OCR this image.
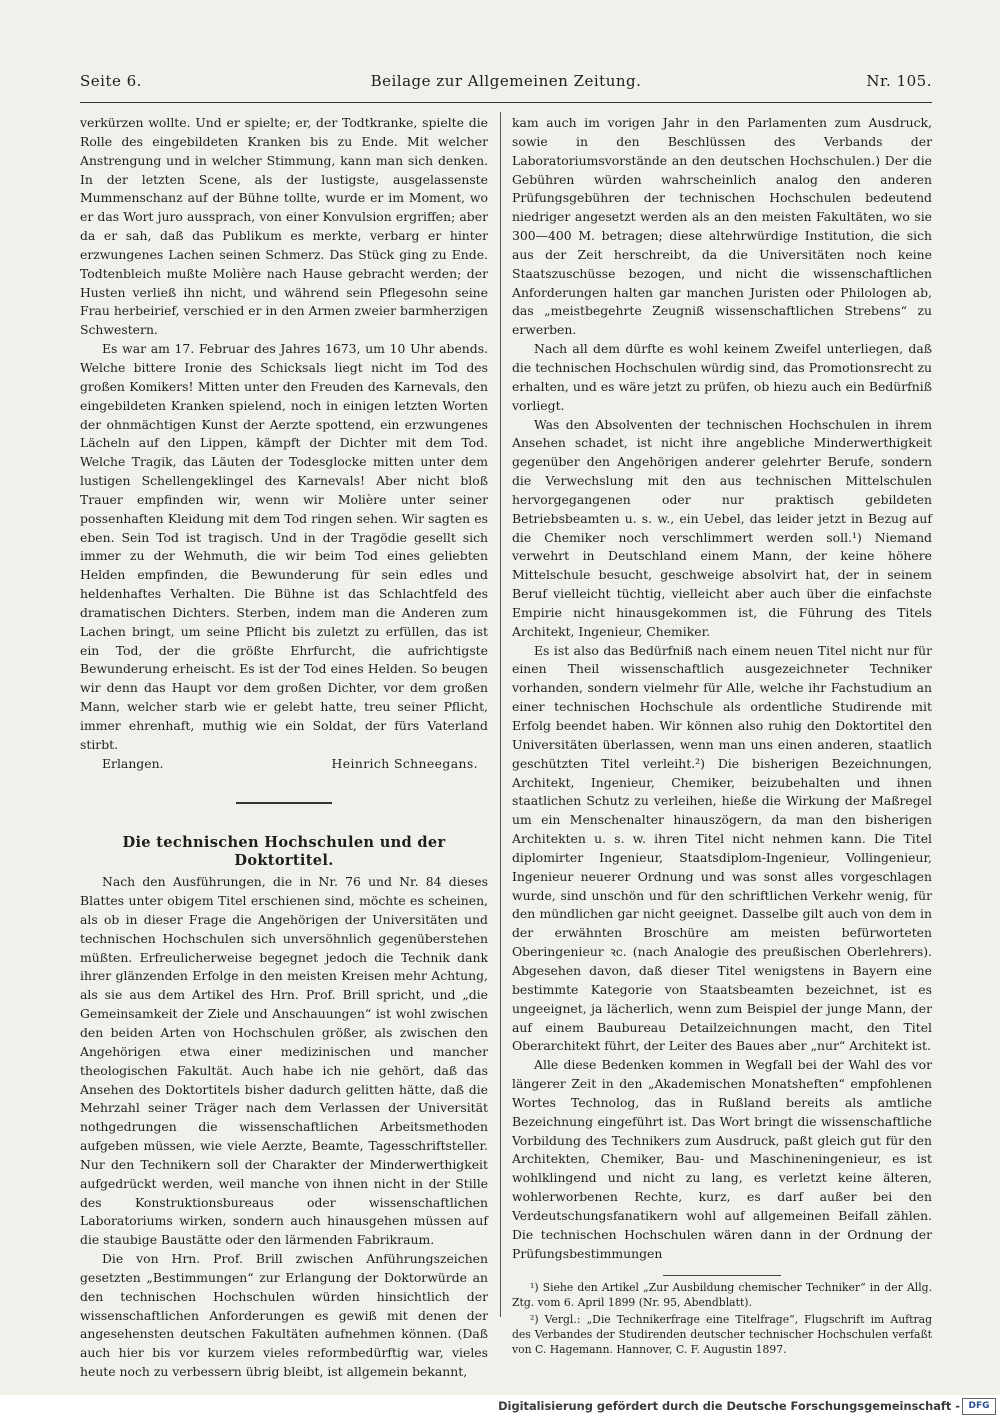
Seite 6.	Beilage zur Allgemeinen Zeitung.	Nr. 105.

verkürzen wollte. Und er spielte; er, der Todtkranke, spielte die Rolle des eingebildeten Kranken bis zu Ende. Mit welcher Anstrengung und in welcher Stimmung, kann man sich denken. In der letzten Scene, als der lustigste, ausgelassenste Mummenschanz auf der Bühne tollte, wurde er im Moment, wo er das Wort juro aussprach, von einer Konvulsion ergriffen; aber da er sah, daß das Publikum es merkte, verbarg er hinter erzwungenes Lachen seinen Schmerz. Das Stück ging zu Ende. Todtenbleich mußte Molière nach Hause gebracht werden; der Husten verließ ihn nicht, und während sein Pflegesohn seine Frau herbeirief, verschied er in den Armen zweier barmherzigen Schwestern.

Es war am 17. Februar des Jahres 1673, um 10 Uhr abends. Welche bittere Ironie des Schicksals liegt nicht im Tod des großen Komikers! Mitten unter den Freuden des Karnevals, den eingebildeten Kranken spielend, noch in einigen letzten Worten der ohnmächtigen Kunst der Aerzte spottend, ein erzwungenes Lächeln auf den Lippen, kämpft der Dichter mit dem Tod. Welche Tragik, das Läuten der Todesglocke mitten unter dem lustigen Schellengeklingel des Karnevals! Aber nicht bloß Trauer empfinden wir, wenn wir Molière unter seiner possenhaften Kleidung mit dem Tod ringen sehen. Wir sagten es eben. Sein Tod ist tragisch. Und in der Tragödie gesellt sich immer zu der Wehmuth, die wir beim Tod eines geliebten Helden empfinden, die Bewunderung für sein edles und heldenhaftes Verhalten. Die Bühne ist das Schlachtfeld des dramatischen Dichters. Sterben, indem man die Anderen zum Lachen bringt, um seine Pflicht bis zuletzt zu erfüllen, das ist ein Tod, der die größte Ehrfurcht, die aufrichtigste Bewunderung erheischt. Es ist der Tod eines Helden. So beugen wir denn das Haupt vor dem großen Dichter, vor dem großen Mann, welcher starb wie er gelebt hatte, treu seiner Pflicht, immer ehrenhaft, muthig wie ein Soldat, der fürs Vaterland stirbt.

Erlangen.	Heinrich Schneegans.
Die technischen Hochschulen und der Doktortitel.

Nach den Ausführungen, die in Nr. 76 und Nr. 84 dieses Blattes unter obigem Titel erschienen sind, möchte es scheinen, als ob in dieser Frage die Angehörigen der Universitäten und technischen Hochschulen sich unversöhnlich gegenüberstehen müßten. Erfreulicherweise begegnet jedoch die Technik dank ihrer glänzenden Erfolge in den meisten Kreisen mehr Achtung, als sie aus dem Artikel des Hrn. Prof. Brill spricht, und „die Gemeinsamkeit der Ziele und Anschauungen“ ist wohl zwischen den beiden Arten von Hochschulen größer, als zwischen den Angehörigen etwa einer medizinischen und mancher theologischen Fakultät. Auch habe ich nie gehört, daß das Ansehen des Doktortitels bisher dadurch gelitten hätte, daß die Mehrzahl seiner Träger nach dem Verlassen der Universität nothgedrungen die wissenschaftlichen Arbeitsmethoden aufgeben müssen, wie viele Aerzte, Beamte, Tagesschriftsteller. Nur den Technikern soll der Charakter der Minderwerthigkeit aufgedrückt werden, weil manche von ihnen nicht in der Stille des Konstruktionsbureaus oder wissenschaftlichen Laboratoriums wirken, sondern auch hinausgehen müssen auf die staubige Baustätte oder den lärmenden Fabrikraum.

Die von Hrn. Prof. Brill zwischen Anführungszeichen gesetzten „Bestimmungen“ zur Erlangung der Doktorwürde an den technischen Hochschulen würden hinsichtlich der wissenschaftlichen Anforderungen es gewiß mit denen der angesehensten deutschen Fakultäten aufnehmen können. (Daß auch hier bis vor kurzem vieles reformbedürftig war, vieles heute noch zu verbessern übrig bleibt, ist allgemein bekannt,

kam auch im vorigen Jahr in den Parlamenten zum Ausdruck, sowie in den Beschlüssen des Verbands der Laboratoriumsvorstände an den deutschen Hochschulen.) Der die Gebühren würden wahrscheinlich analog den anderen Prüfungsgebühren der technischen Hochschulen bedeutend niedriger angesetzt werden als an den meisten Fakultäten, wo sie 300—400 M. betragen; diese altehrwürdige Institution, die sich aus der Zeit herschreibt, da die Universitäten noch keine Staatszuschüsse bezogen, und nicht die wissenschaftlichen Anforderungen halten gar manchen Juristen oder Philologen ab, das „meistbegehrte Zeugniß wissenschaftlichen Strebens“ zu erwerben.

Nach all dem dürfte es wohl keinem Zweifel unterliegen, daß die technischen Hochschulen würdig sind, das Promotionsrecht zu erhalten, und es wäre jetzt zu prüfen, ob hiezu auch ein Bedürfniß vorliegt.

Was den Absolventen der technischen Hochschulen in ihrem Ansehen schadet, ist nicht ihre angebliche Minderwerthigkeit gegenüber den Angehörigen anderer gelehrter Berufe, sondern die Verwechslung mit den aus technischen Mittelschulen hervorgegangenen oder nur praktisch gebildeten Betriebsbeamten u. s. w., ein Uebel, das leider jetzt in Bezug auf die Chemiker noch verschlimmert werden soll.¹) Niemand verwehrt in Deutschland einem Mann, der keine höhere Mittelschule besucht, geschweige absolvirt hat, der in seinem Beruf vielleicht tüchtig, vielleicht aber auch über die einfachste Empirie nicht hinausgekommen ist, die Führung des Titels Architekt, Ingenieur, Chemiker.

Es ist also das Bedürfniß nach einem neuen Titel nicht nur für einen Theil wissenschaftlich ausgezeichneter Techniker vorhanden, sondern vielmehr für Alle, welche ihr Fachstudium an einer technischen Hochschule als ordentliche Studirende mit Erfolg beendet haben. Wir können also ruhig den Doktortitel den Universitäten überlassen, wenn man uns einen anderen, staatlich geschützten Titel verleiht.²) Die bisherigen Bezeichnungen, Architekt, Ingenieur, Chemiker, beizubehalten und ihnen staatlichen Schutz zu verleihen, hieße die Wirkung der Maßregel um ein Menschenalter hinauszögern, da man den bisherigen Architekten u. s. w. ihren Titel nicht nehmen kann. Die Titel diplomirter Ingenieur, Staatsdiplom-Ingenieur, Vollingenieur, Ingenieur neuerer Ordnung und was sonst alles vorgeschlagen wurde, sind unschön und für den schriftlichen Verkehr wenig, für den mündlichen gar nicht geeignet. Dasselbe gilt auch von dem in der erwähnten Broschüre am meisten befürworteten Oberingenieur ꝛc. (nach Analogie des preußischen Oberlehrers). Abgesehen davon, daß dieser Titel wenigstens in Bayern eine bestimmte Kategorie von Staatsbeamten bezeichnet, ist es ungeeignet, ja lächerlich, wenn zum Beispiel der junge Mann, der auf einem Baubureau Detailzeichnungen macht, den Titel Oberarchitekt führt, der Leiter des Baues aber „nur“ Architekt ist.

Alle diese Bedenken kommen in Wegfall bei der Wahl des vor längerer Zeit in den „Akademischen Monatsheften“ empfohlenen Wortes Technolog, das in Rußland bereits als amtliche Bezeichnung eingeführt ist. Das Wort bringt die wissenschaftliche Vorbildung des Technikers zum Ausdruck, paßt gleich gut für den Architekten, Chemiker, Bau- und Maschineningenieur, es ist wohlklingend und nicht zu lang, es verletzt keine älteren, wohlerworbenen Rechte, kurz, es darf außer bei den Verdeutschungsfanatikern wohl auf allgemeinen Beifall zählen. Die technischen Hochschulen wären dann in der Ordnung der Prüfungsbestimmungen

¹) Siehe den Artikel „Zur Ausbildung chemischer Techniker“ in der Allg. Ztg. vom 6. April 1899 (Nr. 95, Abendblatt).

²) Vergl.: „Die Technikerfrage eine Titelfrage“, Flugschrift im Auftrag des Verbandes der Studirenden deutscher technischer Hochschulen verfaßt von C. Hagemann. Hannover, C. F. Augustin 1897.

Digitalisierung gefördert durch die Deutsche Forschungsgemeinschaft - DFG
